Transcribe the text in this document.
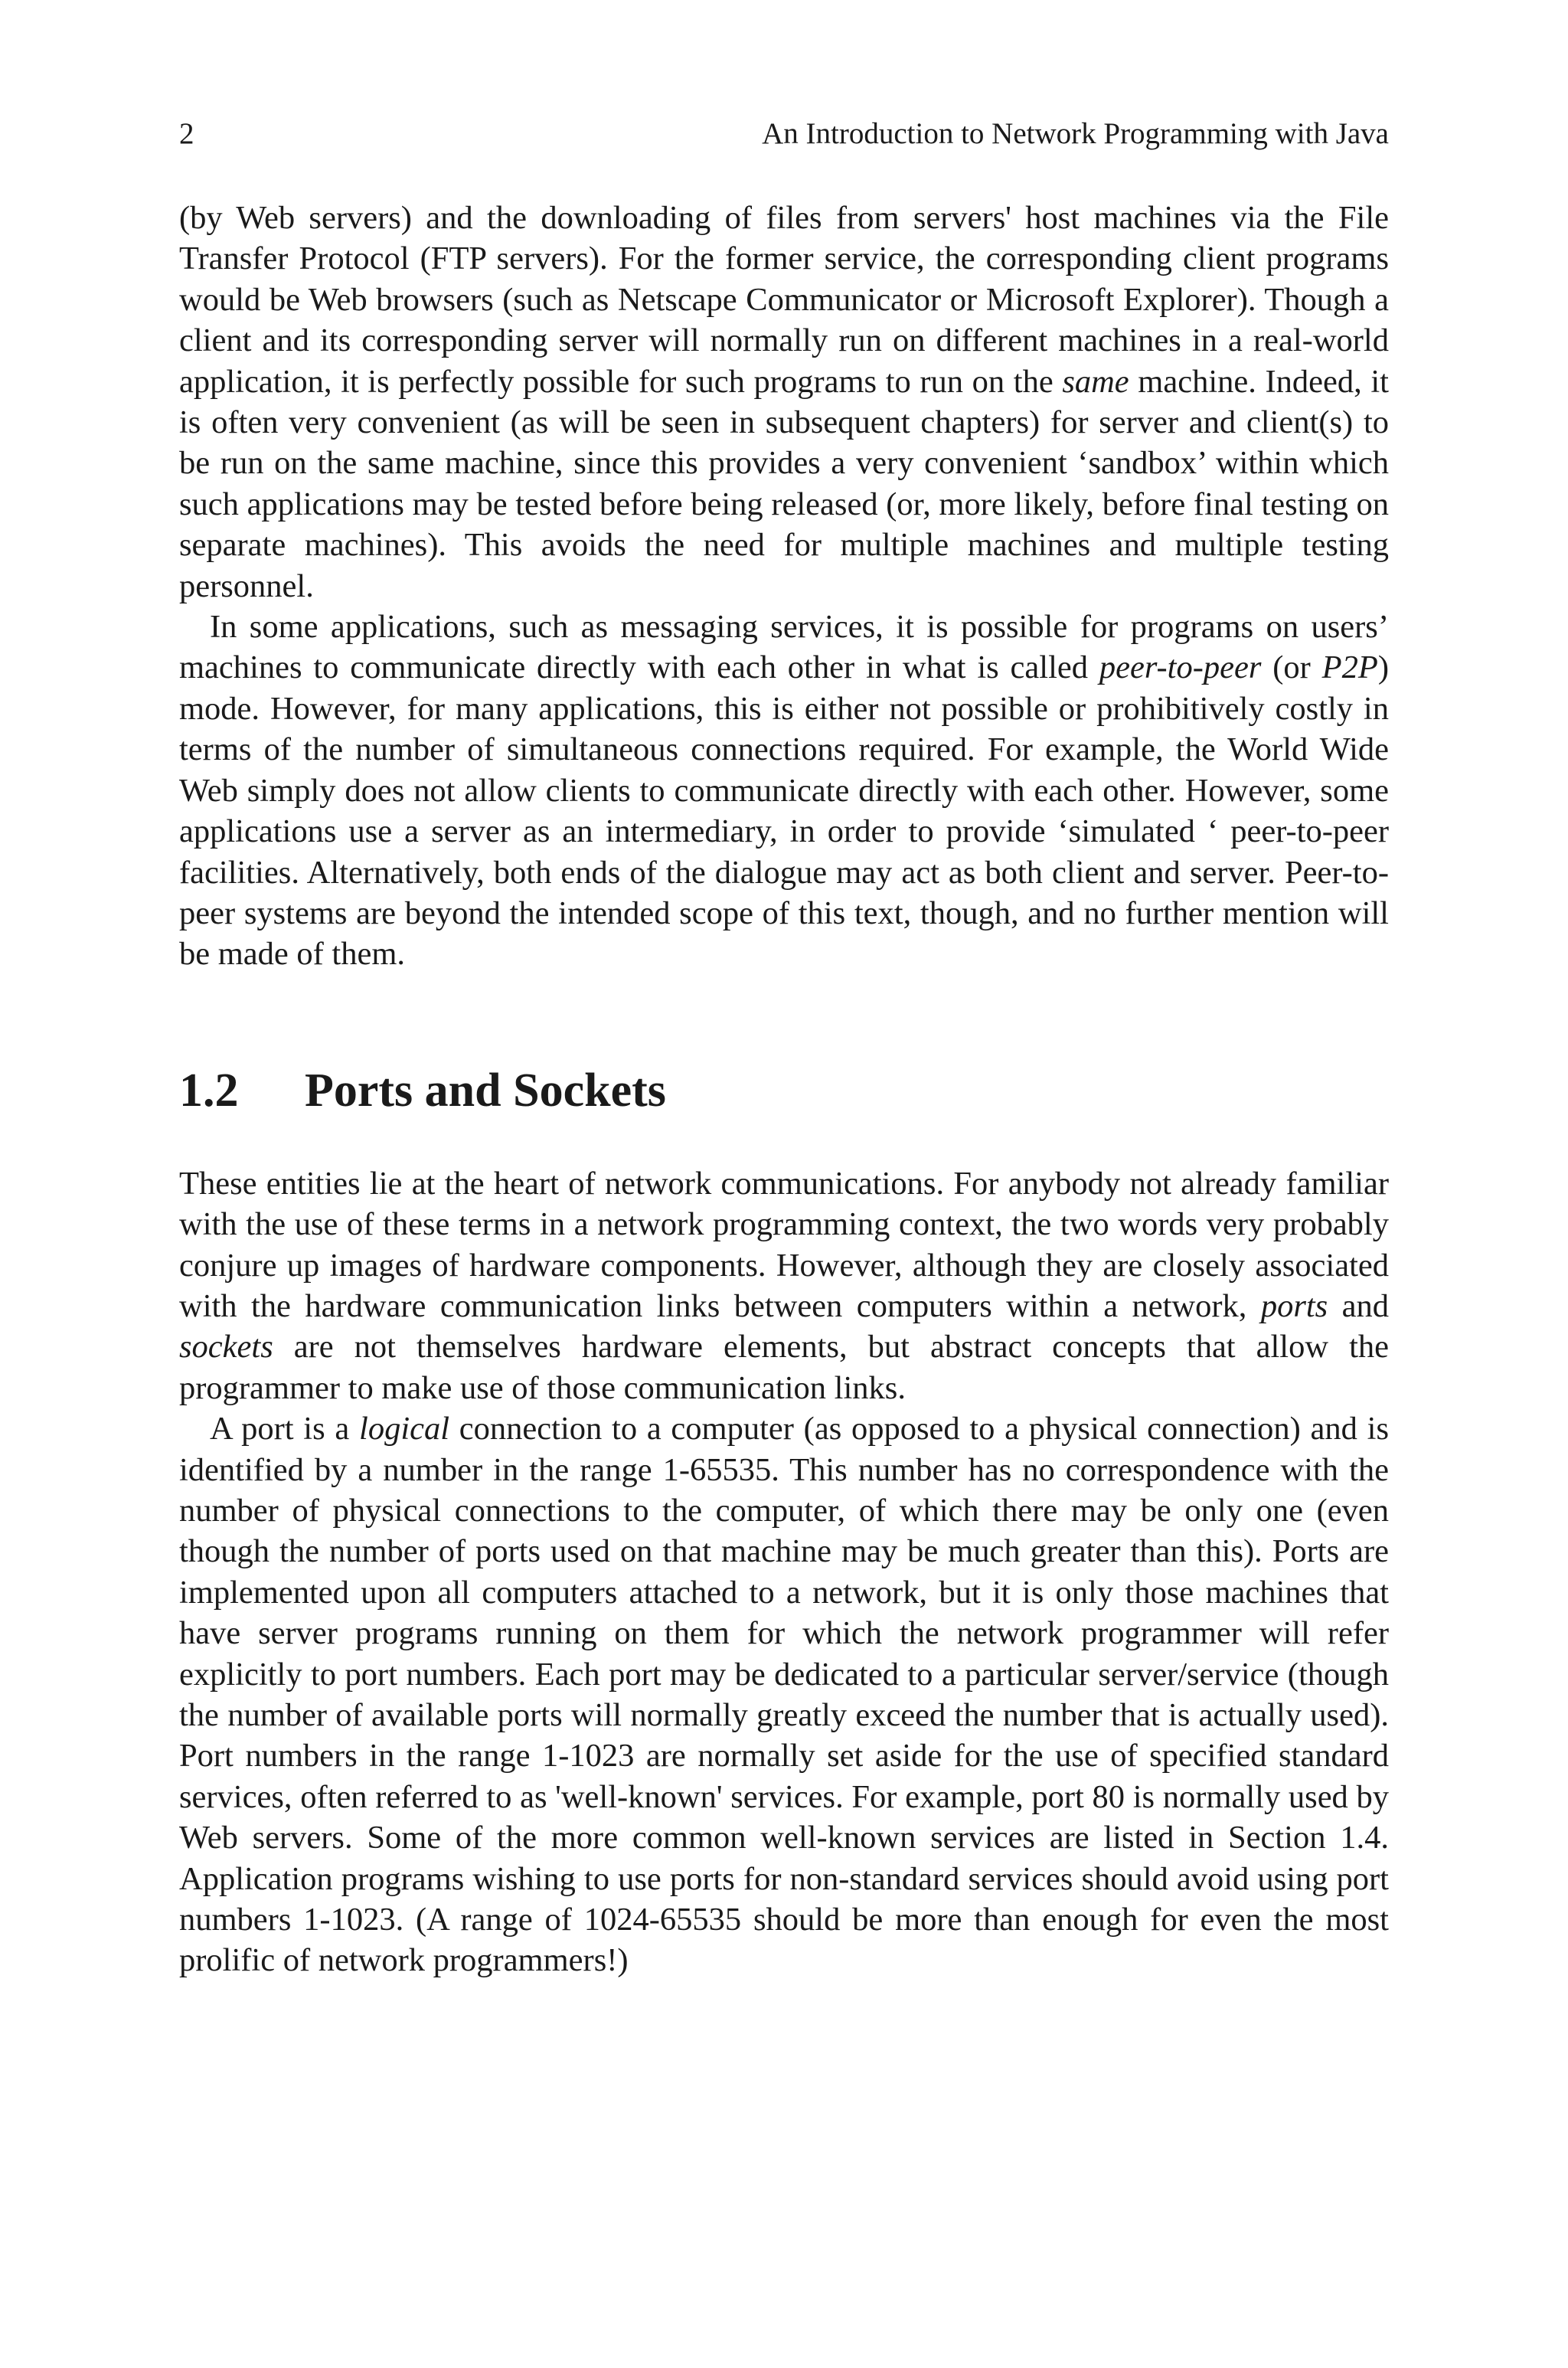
2	An Introduction to Network Programming with Java

(by Web servers) and the downloading of files from servers' host machines via the File Transfer Protocol (FTP servers). For the former service, the corresponding client programs would be Web browsers (such as Netscape Communicator or Microsoft Explorer). Though a client and its corresponding server will normally run on different machines in a real-world application, it is perfectly possible for such programs to run on the same machine. Indeed, it is often very convenient (as will be seen in subsequent chapters) for server and client(s) to be run on the same machine, since this provides a very convenient ‘sandbox’ within which such applications may be tested before being released (or, more likely, before final testing on separate machines). This avoids the need for multiple machines and multiple testing personnel.

In some applications, such as messaging services, it is possible for programs on users’ machines to communicate directly with each other in what is called peer-to-peer (or P2P) mode. However, for many applications, this is either not possible or prohibitively costly in terms of the number of simultaneous connections required. For example, the World Wide Web simply does not allow clients to communicate directly with each other. However, some applications use a server as an intermediary, in order to provide ‘simulated ‘ peer-to-peer facilities. Alternatively, both ends of the dialogue may act as both client and server. Peer-to-peer systems are beyond the intended scope of this text, though, and no further mention will be made of them.

1.2	Ports and Sockets

These entities lie at the heart of network communications. For anybody not already familiar with the use of these terms in a network programming context, the two words very probably conjure up images of hardware components. However, although they are closely associated with the hardware communication links between computers within a network, ports and sockets are not themselves hardware elements, but abstract concepts that allow the programmer to make use of those communication links.

A port is a logical connection to a computer (as opposed to a physical connection) and is identified by a number in the range 1-65535. This number has no correspondence with the number of physical connections to the computer, of which there may be only one (even though the number of ports used on that machine may be much greater than this). Ports are implemented upon all computers attached to a network, but it is only those machines that have server programs running on them for which the network programmer will refer explicitly to port numbers. Each port may be dedicated to a particular server/service (though the number of available ports will normally greatly exceed the number that is actually used). Port numbers in the range 1-1023 are normally set aside for the use of specified standard services, often referred to as 'well-known' services. For example, port 80 is normally used by Web servers. Some of the more common well-known services are listed in Section 1.4. Application programs wishing to use ports for non-standard services should avoid using port numbers 1-1023. (A range of 1024-65535 should be more than enough for even the most prolific of network programmers!)
